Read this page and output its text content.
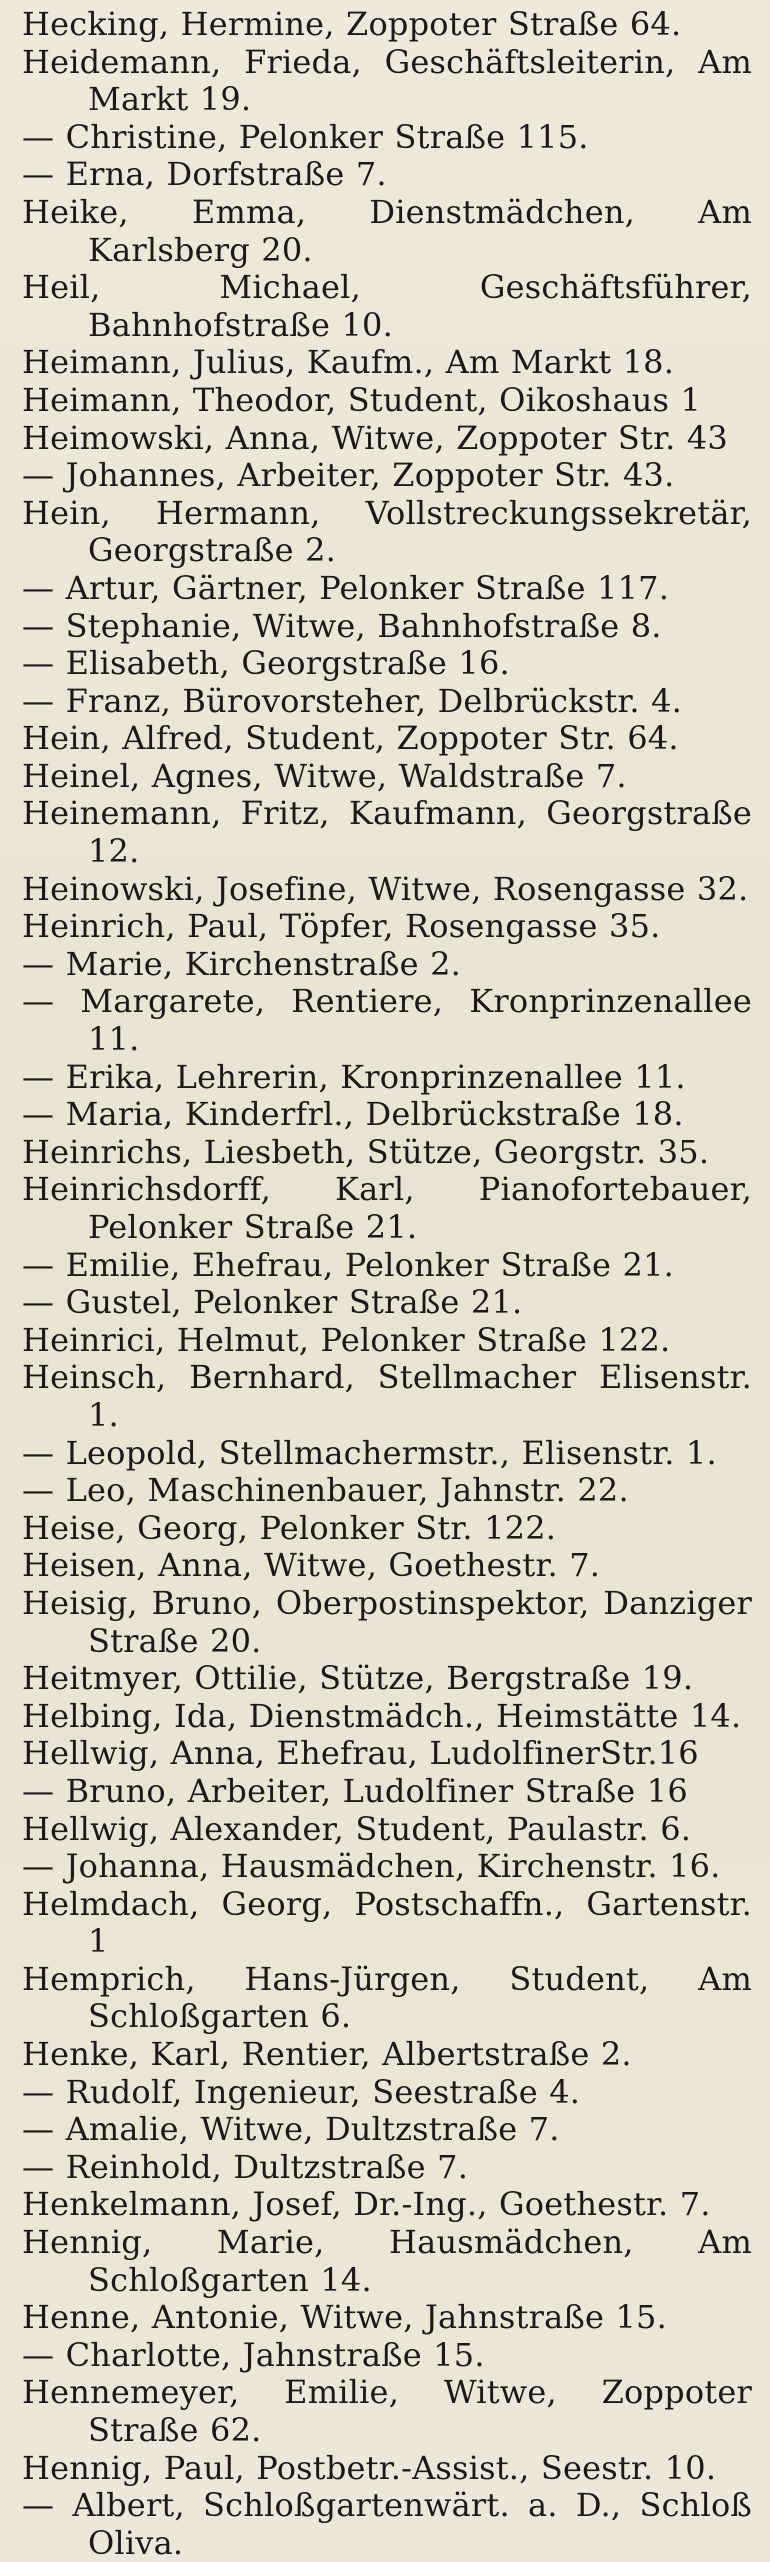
Hecking, Hermine, Zoppoter Straße 64.
Heidemann, Frieda, Geschäftsleiterin, Am Markt 19.
— Christine, Pelonker Straße 115.
— Erna, Dorfstraße 7.
Heike, Emma, Dienstmädchen, Am Karlsberg 20.
Heil, Michael, Geschäftsführer, Bahnhofstraße 10.
Heimann, Julius, Kaufm., Am Markt 18.
Heimann, Theodor, Student, Oikoshaus 1
Heimowski, Anna, Witwe, Zoppoter Str. 43
— Johannes, Arbeiter, Zoppoter Str. 43.
Hein, Hermann, Vollstreckungssekretär, Georgstraße 2.
— Artur, Gärtner, Pelonker Straße 117.
— Stephanie, Witwe, Bahnhofstraße 8.
— Elisabeth, Georgstraße 16.
— Franz, Bürovorsteher, Delbrückstr. 4.
Hein, Alfred, Student, Zoppoter Str. 64.
Heinel, Agnes, Witwe, Waldstraße 7.
Heinemann, Fritz, Kaufmann, Georgstraße 12.
Heinowski, Josefine, Witwe, Rosengasse 32.
Heinrich, Paul, Töpfer, Rosengasse 35.
— Marie, Kirchenstraße 2.
— Margarete, Rentiere, Kronprinzenallee 11.
— Erika, Lehrerin, Kronprinzenallee 11.
— Maria, Kinderfrl., Delbrückstraße 18.
Heinrichs, Liesbeth, Stütze, Georgstr. 35.
Heinrichsdorff, Karl, Pianofortebauer, Pelonker Straße 21.
— Emilie, Ehefrau, Pelonker Straße 21.
— Gustel, Pelonker Straße 21.
Heinrici, Helmut, Pelonker Straße 122.
Heinsch, Bernhard, Stellmacher Elisenstr. 1.
— Leopold, Stellmachermstr., Elisenstr. 1.
— Leo, Maschinenbauer, Jahnstr. 22.
Heise, Georg, Pelonker Str. 122.
Heisen, Anna, Witwe, Goethestr. 7.
Heisig, Bruno, Oberpostinspektor, Danziger Straße 20.
Heitmyer, Ottilie, Stütze, Bergstraße 19.
Helbing, Ida, Dienstmädch., Heimstätte 14.
Hellwig, Anna, Ehefrau, LudolfinerStr.16
— Bruno, Arbeiter, Ludolfiner Straße 16
Hellwig, Alexander, Student, Paulastr. 6.
— Johanna, Hausmädchen, Kirchenstr. 16.
Helmdach, Georg, Postschaffn., Gartenstr. 1
Hemprich, Hans-Jürgen, Student, Am Schloßgarten 6.
Henke, Karl, Rentier, Albertstraße 2.
— Rudolf, Ingenieur, Seestraße 4.
— Amalie, Witwe, Dultzstraße 7.
— Reinhold, Dultzstraße 7.
Henkelmann, Josef, Dr.-Ing., Goethestr. 7.
Hennig, Marie, Hausmädchen, Am Schloßgarten 14.
Henne, Antonie, Witwe, Jahnstraße 15.
— Charlotte, Jahnstraße 15.
Hennemeyer, Emilie, Witwe, Zoppoter Straße 62.
Hennig, Paul, Postbetr.-Assist., Seestr. 10.
— Albert, Schloßgartenwärt. a. D., Schloß Oliva.
